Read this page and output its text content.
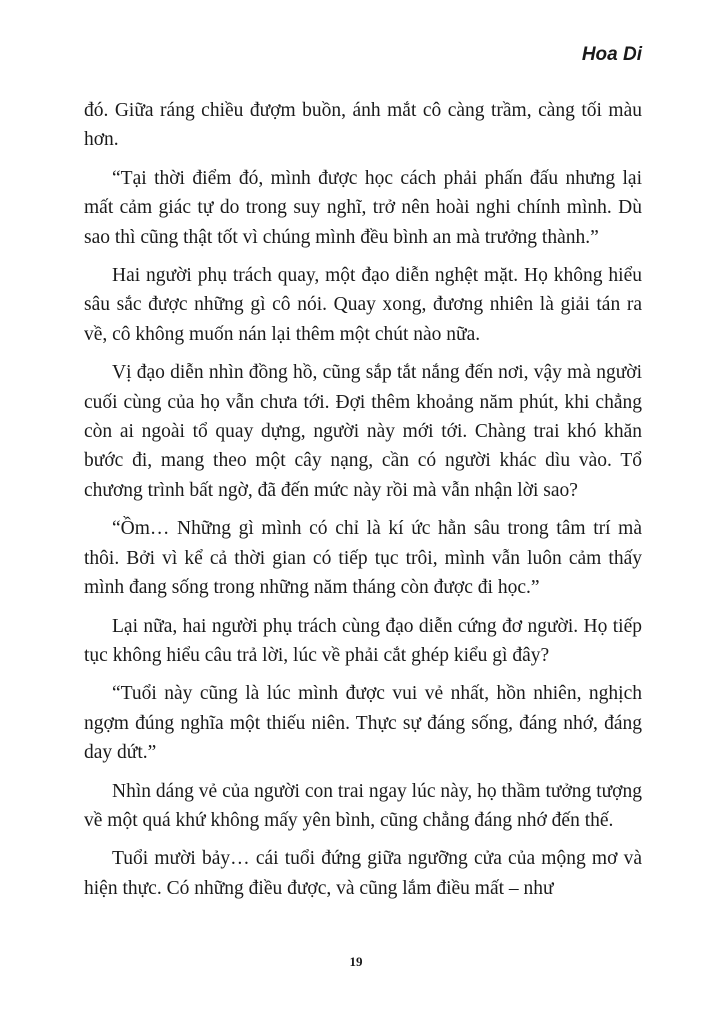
Hoa Di

đó. Giữa ráng chiều đượm buồn, ánh mắt cô càng trầm, càng tối màu hơn.

“Tại thời điểm đó, mình được học cách phải phấn đấu nhưng lại mất cảm giác tự do trong suy nghĩ, trở nên hoài nghi chính mình. Dù sao thì cũng thật tốt vì chúng mình đều bình an mà trưởng thành.”

Hai người phụ trách quay, một đạo diễn nghệt mặt. Họ không hiểu sâu sắc được những gì cô nói. Quay xong, đương nhiên là giải tán ra về, cô không muốn nán lại thêm một chút nào nữa.

Vị đạo diễn nhìn đồng hồ, cũng sắp tắt nắng đến nơi, vậy mà người cuối cùng của họ vẫn chưa tới. Đợi thêm khoảng năm phút, khi chẳng còn ai ngoài tổ quay dựng, người này mới tới. Chàng trai khó khăn bước đi, mang theo một cây nạng, cần có người khác dìu vào. Tổ chương trình bất ngờ, đã đến mức này rồi mà vẫn nhận lời sao?

“Ồm… Những gì mình có chỉ là kí ức hằn sâu trong tâm trí mà thôi. Bởi vì kể cả thời gian có tiếp tục trôi, mình vẫn luôn cảm thấy mình đang sống trong những năm tháng còn được đi học.”

Lại nữa, hai người phụ trách cùng đạo diễn cứng đơ người. Họ tiếp tục không hiểu câu trả lời, lúc về phải cắt ghép kiểu gì đây?

“Tuổi này cũng là lúc mình được vui vẻ nhất, hồn nhiên, nghịch ngợm đúng nghĩa một thiếu niên. Thực sự đáng sống, đáng nhớ, đáng day dứt.”

Nhìn dáng vẻ của người con trai ngay lúc này, họ thầm tưởng tượng về một quá khứ không mấy yên bình, cũng chẳng đáng nhớ đến thế.

Tuổi mười bảy… cái tuổi đứng giữa ngưỡng cửa của mộng mơ và hiện thực. Có những điều được, và cũng lắm điều mất – như

19
